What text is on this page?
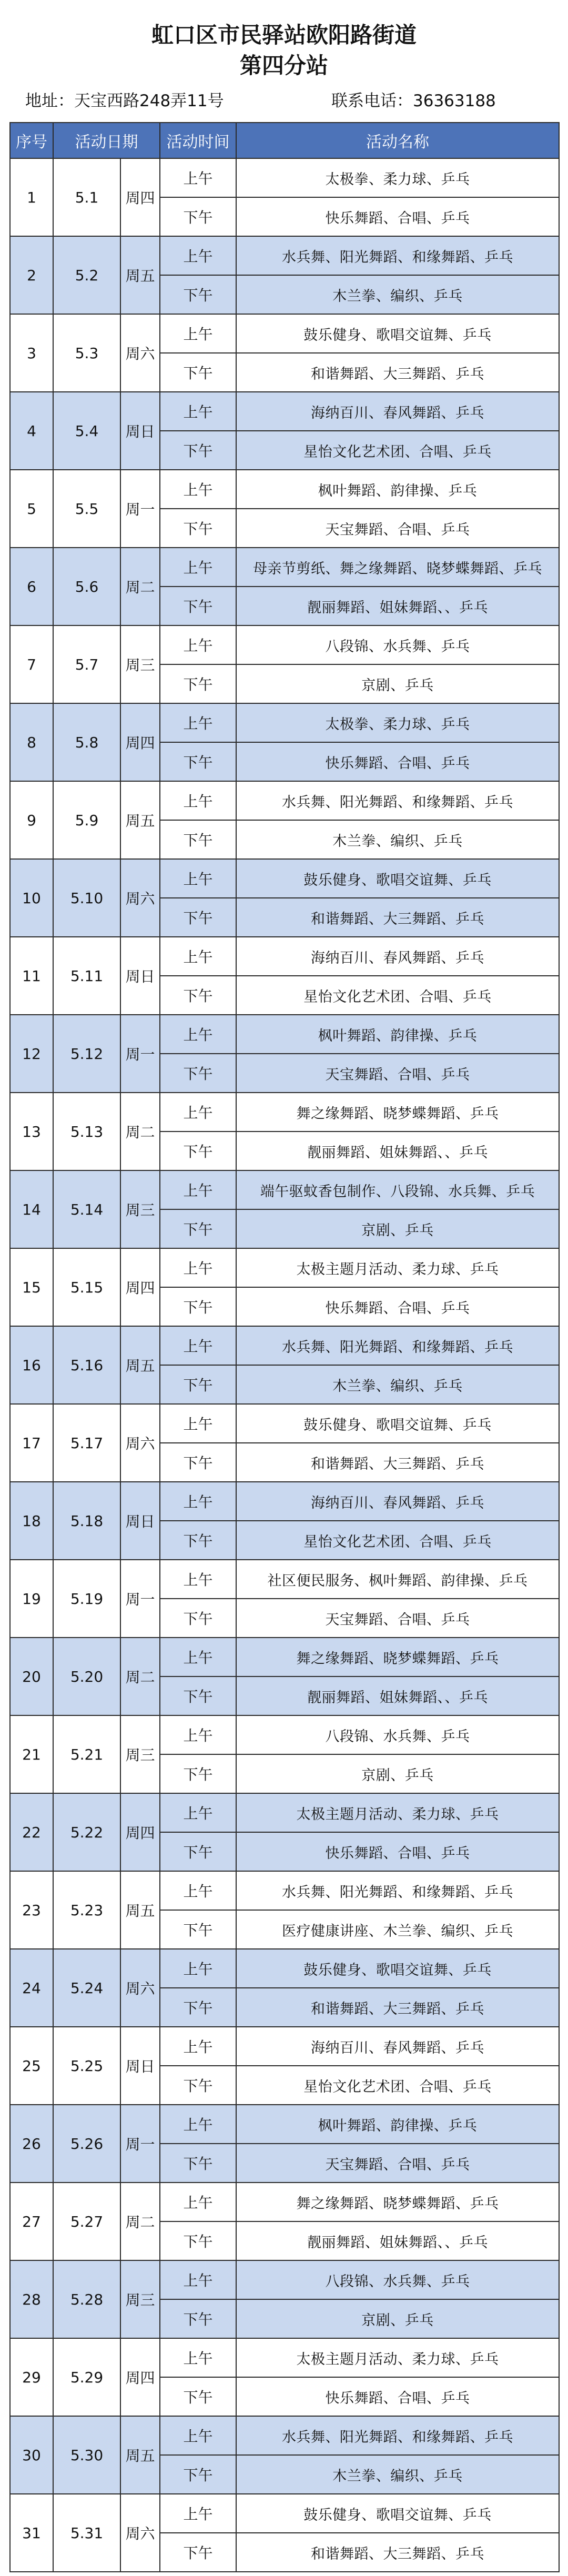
虹口区市民驿站欧阳路街道
第四分站
地址：天宝西路248弄11号	联系电话：36363188
序号	活动日期		活动时间	活动名称
1	5.1	周四	上午	太极拳、柔力球、乒乓
			下午	快乐舞蹈、合唱、乒乓
2	5.2	周五	上午	水兵舞、阳光舞蹈、和缘舞蹈、乒乓
			下午	木兰拳、编织、乒乓
3	5.3	周六	上午	鼓乐健身、歌唱交谊舞、乒乓
			下午	和谐舞蹈、大三舞蹈、乒乓
4	5.4	周日	上午	海纳百川、春风舞蹈、乒乓
			下午	星怡文化艺术团、合唱、乒乓
5	5.5	周一	上午	枫叶舞蹈、韵律操、乒乓
			下午	天宝舞蹈、合唱、乒乓
6	5.6	周二	上午	母亲节剪纸、舞之缘舞蹈、晓梦蝶舞蹈、乒乓
			下午	靓丽舞蹈、姐妹舞蹈、、乒乓
7	5.7	周三	上午	八段锦、水兵舞、乒乓
			下午	京剧、乒乓
8	5.8	周四	上午	太极拳、柔力球、乒乓
			下午	快乐舞蹈、合唱、乒乓
9	5.9	周五	上午	水兵舞、阳光舞蹈、和缘舞蹈、乒乓
			下午	木兰拳、编织、乒乓
10	5.10	周六	上午	鼓乐健身、歌唱交谊舞、乒乓
			下午	和谐舞蹈、大三舞蹈、乒乓
11	5.11	周日	上午	海纳百川、春风舞蹈、乒乓
			下午	星怡文化艺术团、合唱、乒乓
12	5.12	周一	上午	枫叶舞蹈、韵律操、乒乓
			下午	天宝舞蹈、合唱、乒乓
13	5.13	周二	上午	舞之缘舞蹈、晓梦蝶舞蹈、乒乓
			下午	靓丽舞蹈、姐妹舞蹈、、乒乓
14	5.14	周三	上午	端午驱蚊香包制作、八段锦、水兵舞、乒乓
			下午	京剧、乒乓
15	5.15	周四	上午	太极主题月活动、柔力球、乒乓
			下午	快乐舞蹈、合唱、乒乓
16	5.16	周五	上午	水兵舞、阳光舞蹈、和缘舞蹈、乒乓
			下午	木兰拳、编织、乒乓
17	5.17	周六	上午	鼓乐健身、歌唱交谊舞、乒乓
			下午	和谐舞蹈、大三舞蹈、乒乓
18	5.18	周日	上午	海纳百川、春风舞蹈、乒乓
			下午	星怡文化艺术团、合唱、乒乓
19	5.19	周一	上午	社区便民服务、枫叶舞蹈、韵律操、乒乓
			下午	天宝舞蹈、合唱、乒乓
20	5.20	周二	上午	舞之缘舞蹈、晓梦蝶舞蹈、乒乓
			下午	靓丽舞蹈、姐妹舞蹈、、乒乓
21	5.21	周三	上午	八段锦、水兵舞、乒乓
			下午	京剧、乒乓
22	5.22	周四	上午	太极主题月活动、柔力球、乒乓
			下午	快乐舞蹈、合唱、乒乓
23	5.23	周五	上午	水兵舞、阳光舞蹈、和缘舞蹈、乒乓
			下午	医疗健康讲座、木兰拳、编织、乒乓
24	5.24	周六	上午	鼓乐健身、歌唱交谊舞、乒乓
			下午	和谐舞蹈、大三舞蹈、乒乓
25	5.25	周日	上午	海纳百川、春风舞蹈、乒乓
			下午	星怡文化艺术团、合唱、乒乓
26	5.26	周一	上午	枫叶舞蹈、韵律操、乒乓
			下午	天宝舞蹈、合唱、乒乓
27	5.27	周二	上午	舞之缘舞蹈、晓梦蝶舞蹈、乒乓
			下午	靓丽舞蹈、姐妹舞蹈、、乒乓
28	5.28	周三	上午	八段锦、水兵舞、乒乓
			下午	京剧、乒乓
29	5.29	周四	上午	太极主题月活动、柔力球、乒乓
			下午	快乐舞蹈、合唱、乒乓
30	5.30	周五	上午	水兵舞、阳光舞蹈、和缘舞蹈、乒乓
			下午	木兰拳、编织、乒乓
31	5.31	周六	上午	鼓乐健身、歌唱交谊舞、乒乓
			下午	和谐舞蹈、大三舞蹈、乒乓
